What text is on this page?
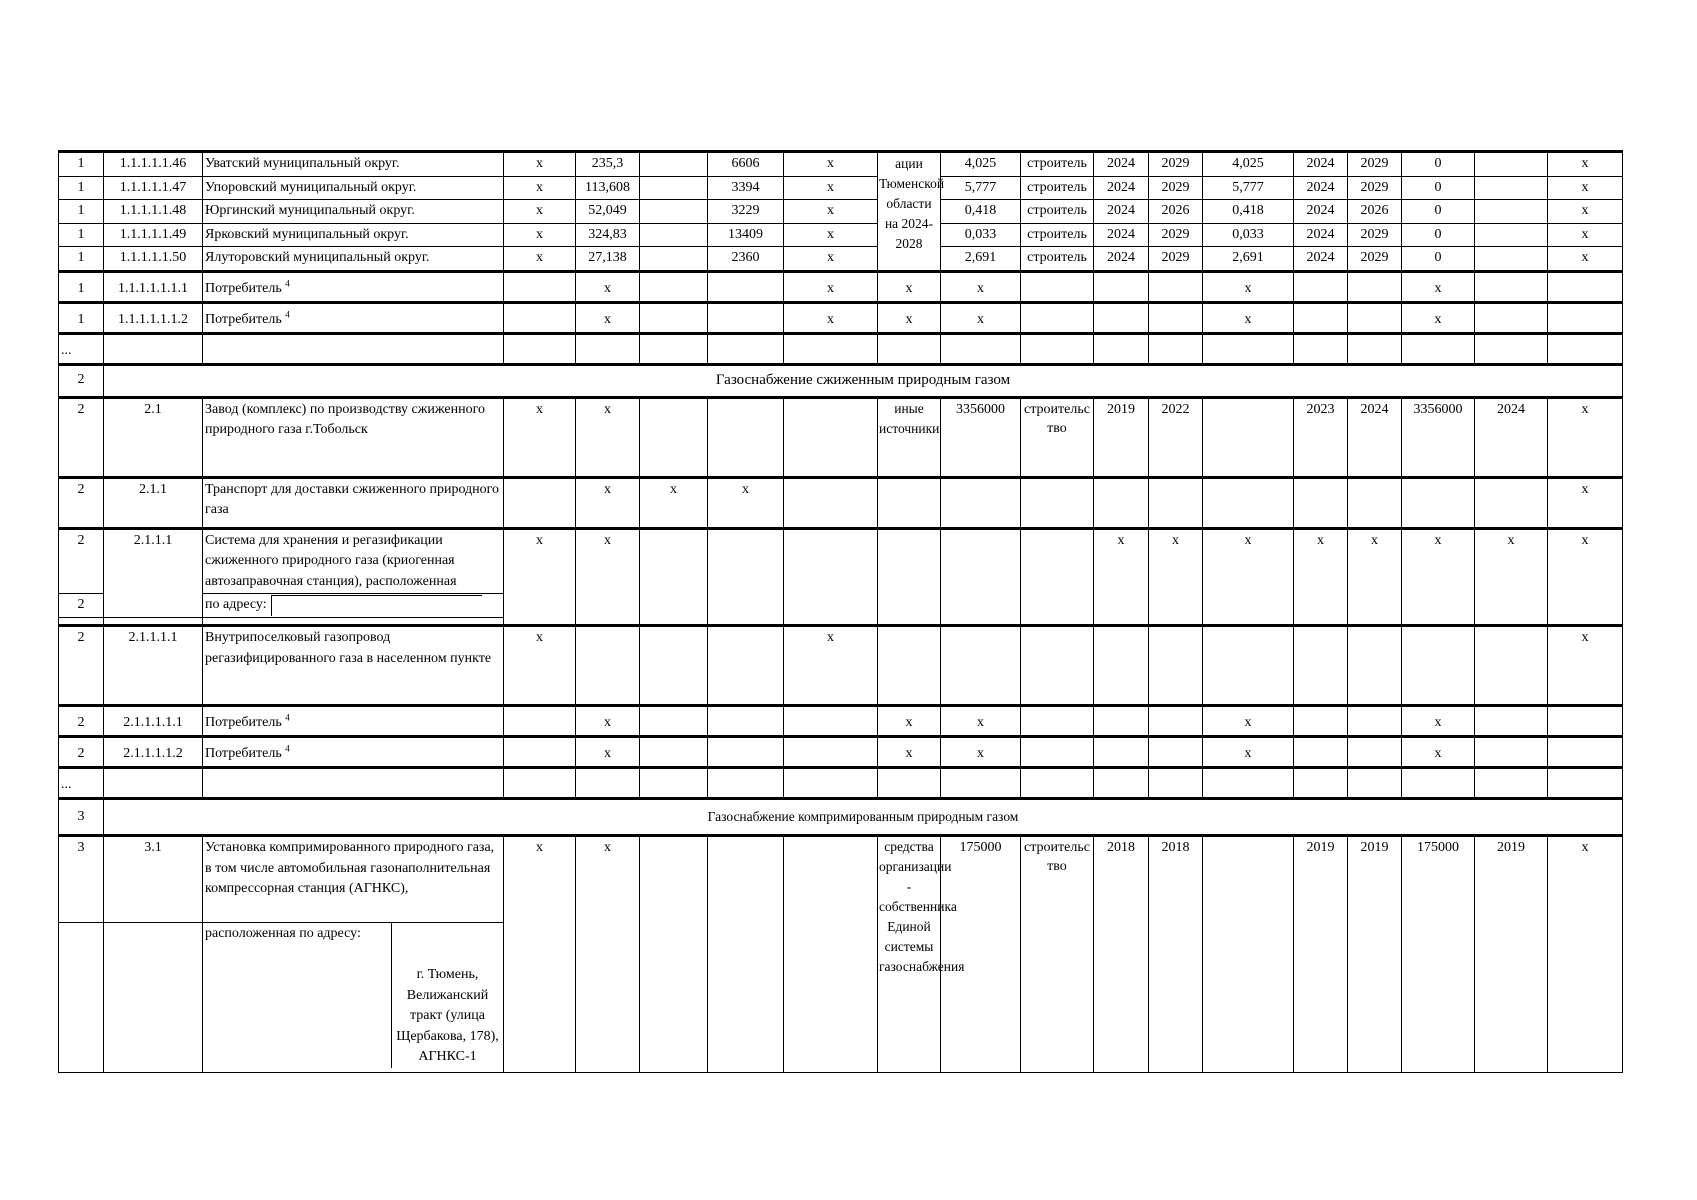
1	1.1.1.1.1.46	Уватский муниципальный округ.	x	235,3		6606	x	ации Тюменской области на 2024-2028	4,025	строитель	2024	2029	4,025	2024	2029	0		x
1	1.1.1.1.1.47	Упоровский муниципальный округ.	x	113,608		3394	x		5,777	строитель	2024	2029	5,777	2024	2029	0		x
1	1.1.1.1.1.48	Юргинский муниципальный округ.	x	52,049		3229	x		0,418	строитель	2024	2026	0,418	2024	2026	0		x
1	1.1.1.1.1.49	Ярковский муниципальный округ.	x	324,83		13409	x		0,033	строитель	2024	2029	0,033	2024	2029	0		x
1	1.1.1.1.1.50	Ялуторовский муниципальный округ.	x	27,138		2360	x		2,691	строитель	2024	2029	2,691	2024	2029	0		x
1	1.1.1.1.1.1.1	Потребитель $^4$		x			x	x	x				x			x		
1	1.1.1.1.1.1.2	Потребитель $^4$		x			x	x	x				x			x		
...																		
2	Газоснабжение сжиженным природным газом																	
2	2.1	Завод (комплекс) по производству сжиженного природного газа г.Тобольск	x	x				иные источники	3356000	строительство	2019	2022		2023	2024	3356000	2024	x
2	2.1.1	Транспорт для доставки сжиженного природного газа		x	x	x												x
2	2.1.1.1	Система для хранения и регазификации сжиженного природного газа (криогенная автозаправочная станция), расположенная	x	x							x	x	x	x	x	x	x	x
2		по адресу:																

2	2.1.1.1.1	Внутрипоселковый газопровод регазифицированного газа в населенном пункте	x				x											x
2	2.1.1.1.1.1	Потребитель $^4$		x				x	x				x			x		
2	2.1.1.1.1.2	Потребитель $^4$		x				x	x				x			x		
...																		
3	Газоснабжение компримированным природным газом																	
3	3.1	Установка компримированного природного газа, в том числе автомобильная газонаполнительная компрессорная станция (АГНКС),	x	x				средства организации - собственника Единой системы газоснабжения	175000	строительство	2018	2018		2019	2019	175000	2019	x

		расположенная по адресу:
г. Тюмень, Велижанский тракт (улица Щербакова, 178), АГНКС-1																
